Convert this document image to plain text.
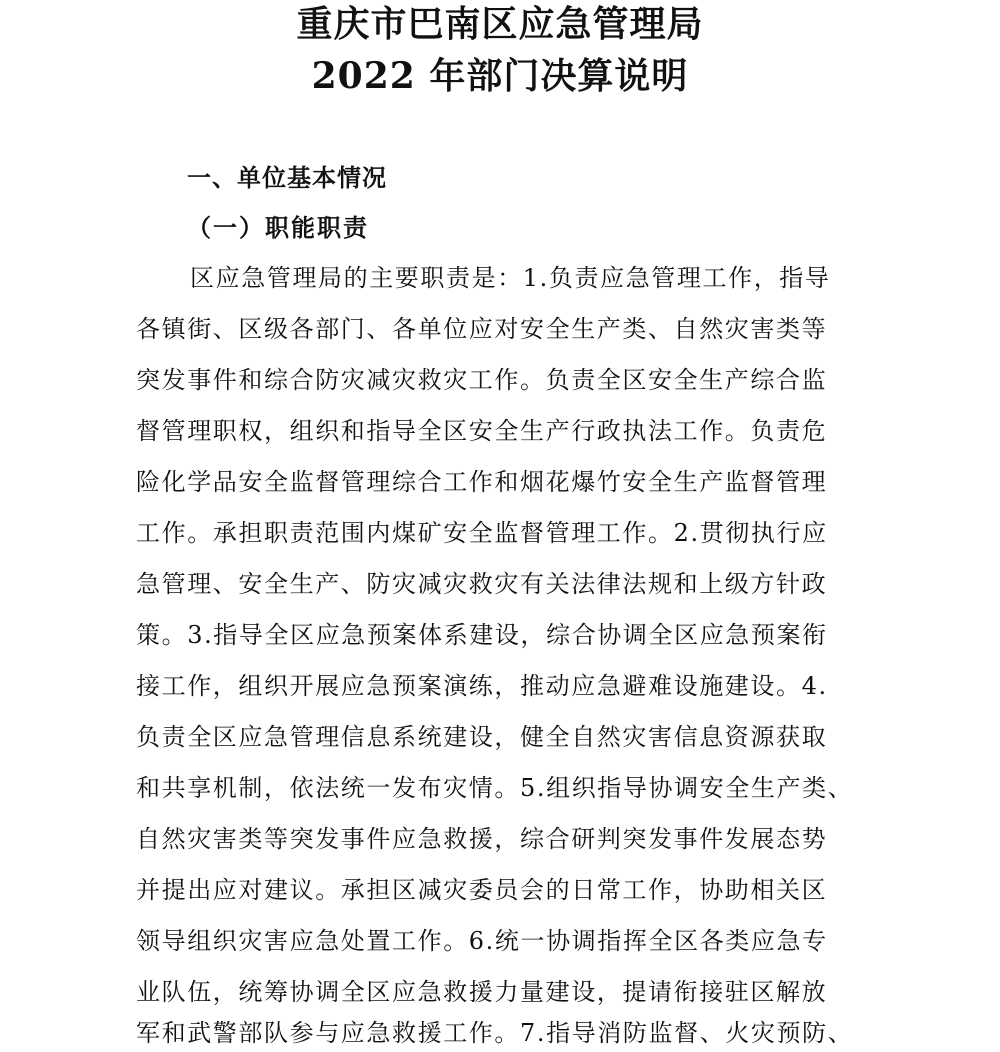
重庆市巴南区应急管理局
2022 年部门决算说明
一、单位基本情况
（一）职能职责

区应急管理局的主要职责是：1.负责应急管理工作，指导

各镇街、区级各部门、各单位应对安全生产类、自然灾害类等

突发事件和综合防灾减灾救灾工作。负责全区安全生产综合监

督管理职权，组织和指导全区安全生产行政执法工作。负责危

险化学品安全监督管理综合工作和烟花爆竹安全生产监督管理

工作。承担职责范围内煤矿安全监督管理工作。2.贯彻执行应

急管理、安全生产、防灾减灾救灾有关法律法规和上级方针政

策。3.指导全区应急预案体系建设，综合协调全区应急预案衔

接工作，组织开展应急预案演练，推动应急避难设施建设。4.

负责全区应急管理信息系统建设，健全自然灾害信息资源获取

和共享机制，依法统一发布灾情。5.组织指导协调安全生产类、

自然灾害类等突发事件应急救援，综合研判突发事件发展态势

并提出应对建议。承担区减灾委员会的日常工作，协助相关区

领导组织灾害应急处置工作。6.统一协调指挥全区各类应急专

业队伍，统筹协调全区应急救援力量建设，提请衔接驻区解放

军和武警部队参与应急救援工作。7.指导消防监督、火灾预防、
